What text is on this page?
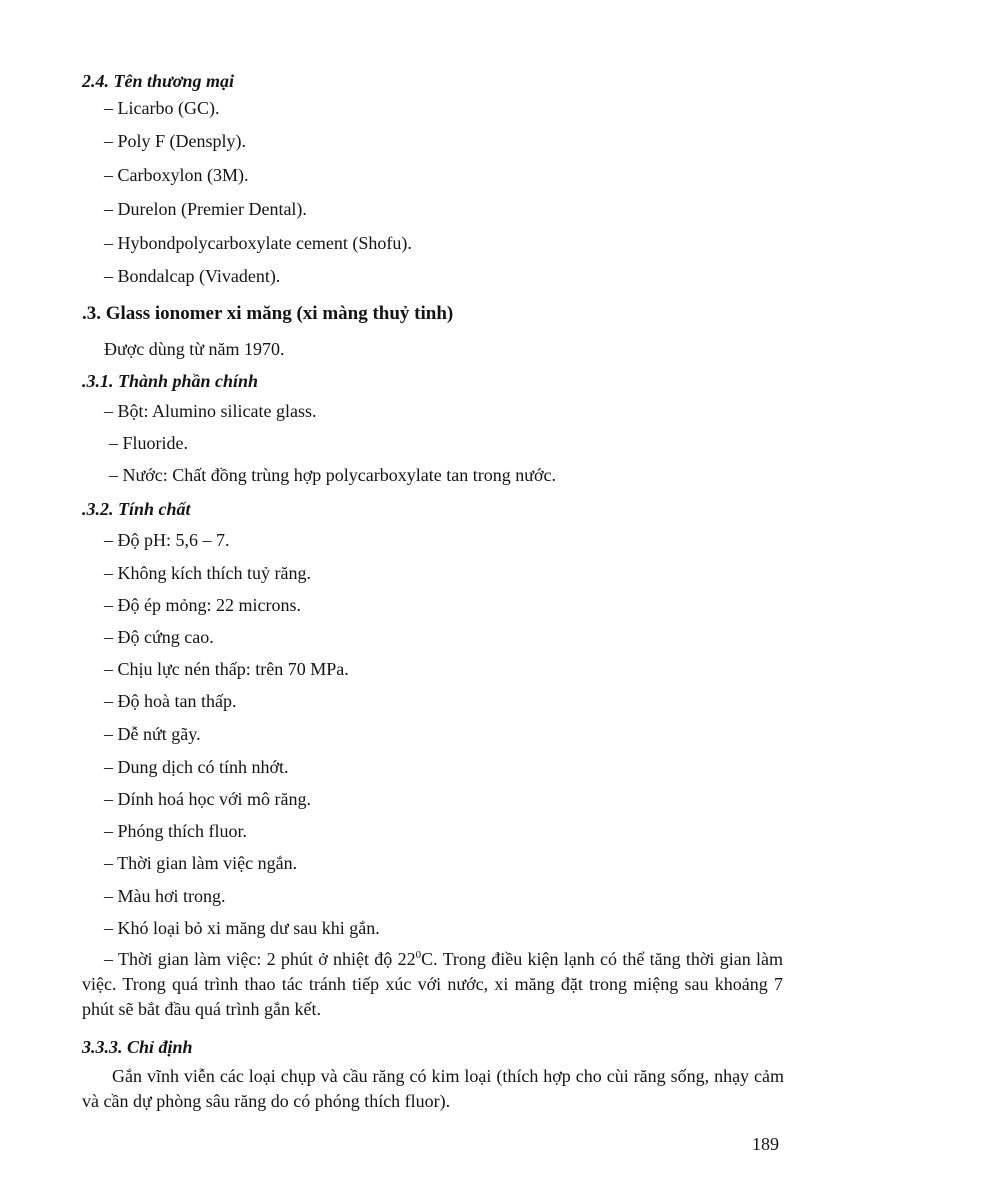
2.4. Tên thương mại
– Licarbo (GC).
– Poly F (Densply).
– Carboxylon (3M).
– Durelon (Premier Dental).
– Hybondpolycarboxylate cement (Shofu).
– Bondalcap (Vivadent).
.3. Glass ionomer xi măng (xi màng thuỷ tinh)
Được dùng từ năm 1970.
.3.1. Thành phần chính
– Bột: Alumino silicate glass.
– Fluoride.
– Nước: Chất đồng trùng hợp polycarboxylate tan trong nước.
.3.2. Tính chất
– Độ pH: 5,6 – 7.
– Không kích thích tuỷ răng.
– Độ ép mỏng: 22 microns.
– Độ cứng cao.
– Chịu lực nén thấp: trên 70 MPa.
– Độ hoà tan thấp.
– Dễ nứt gãy.
– Dung dịch có tính nhớt.
– Dính hoá học với mô răng.
– Phóng thích fluor.
– Thời gian làm việc ngắn.
– Màu hơi trong.
– Khó loại bỏ xi măng dư sau khi gắn.
– Thời gian làm việc: 2 phút ở nhiệt độ $22^0C$. Trong điều kiện lạnh có thể tăng thời gian làm việc. Trong quá trình thao tác tránh tiếp xúc với nước, xi măng đặt trong miệng sau khoảng 7 phút sẽ bắt đầu quá trình gắn kết.
3.3.3. Chỉ định
Gắn vĩnh viễn các loại chụp và cầu răng có kim loại (thích hợp cho cùi răng sống, nhạy cảm và cần dự phòng sâu răng do có phóng thích fluor).
189
